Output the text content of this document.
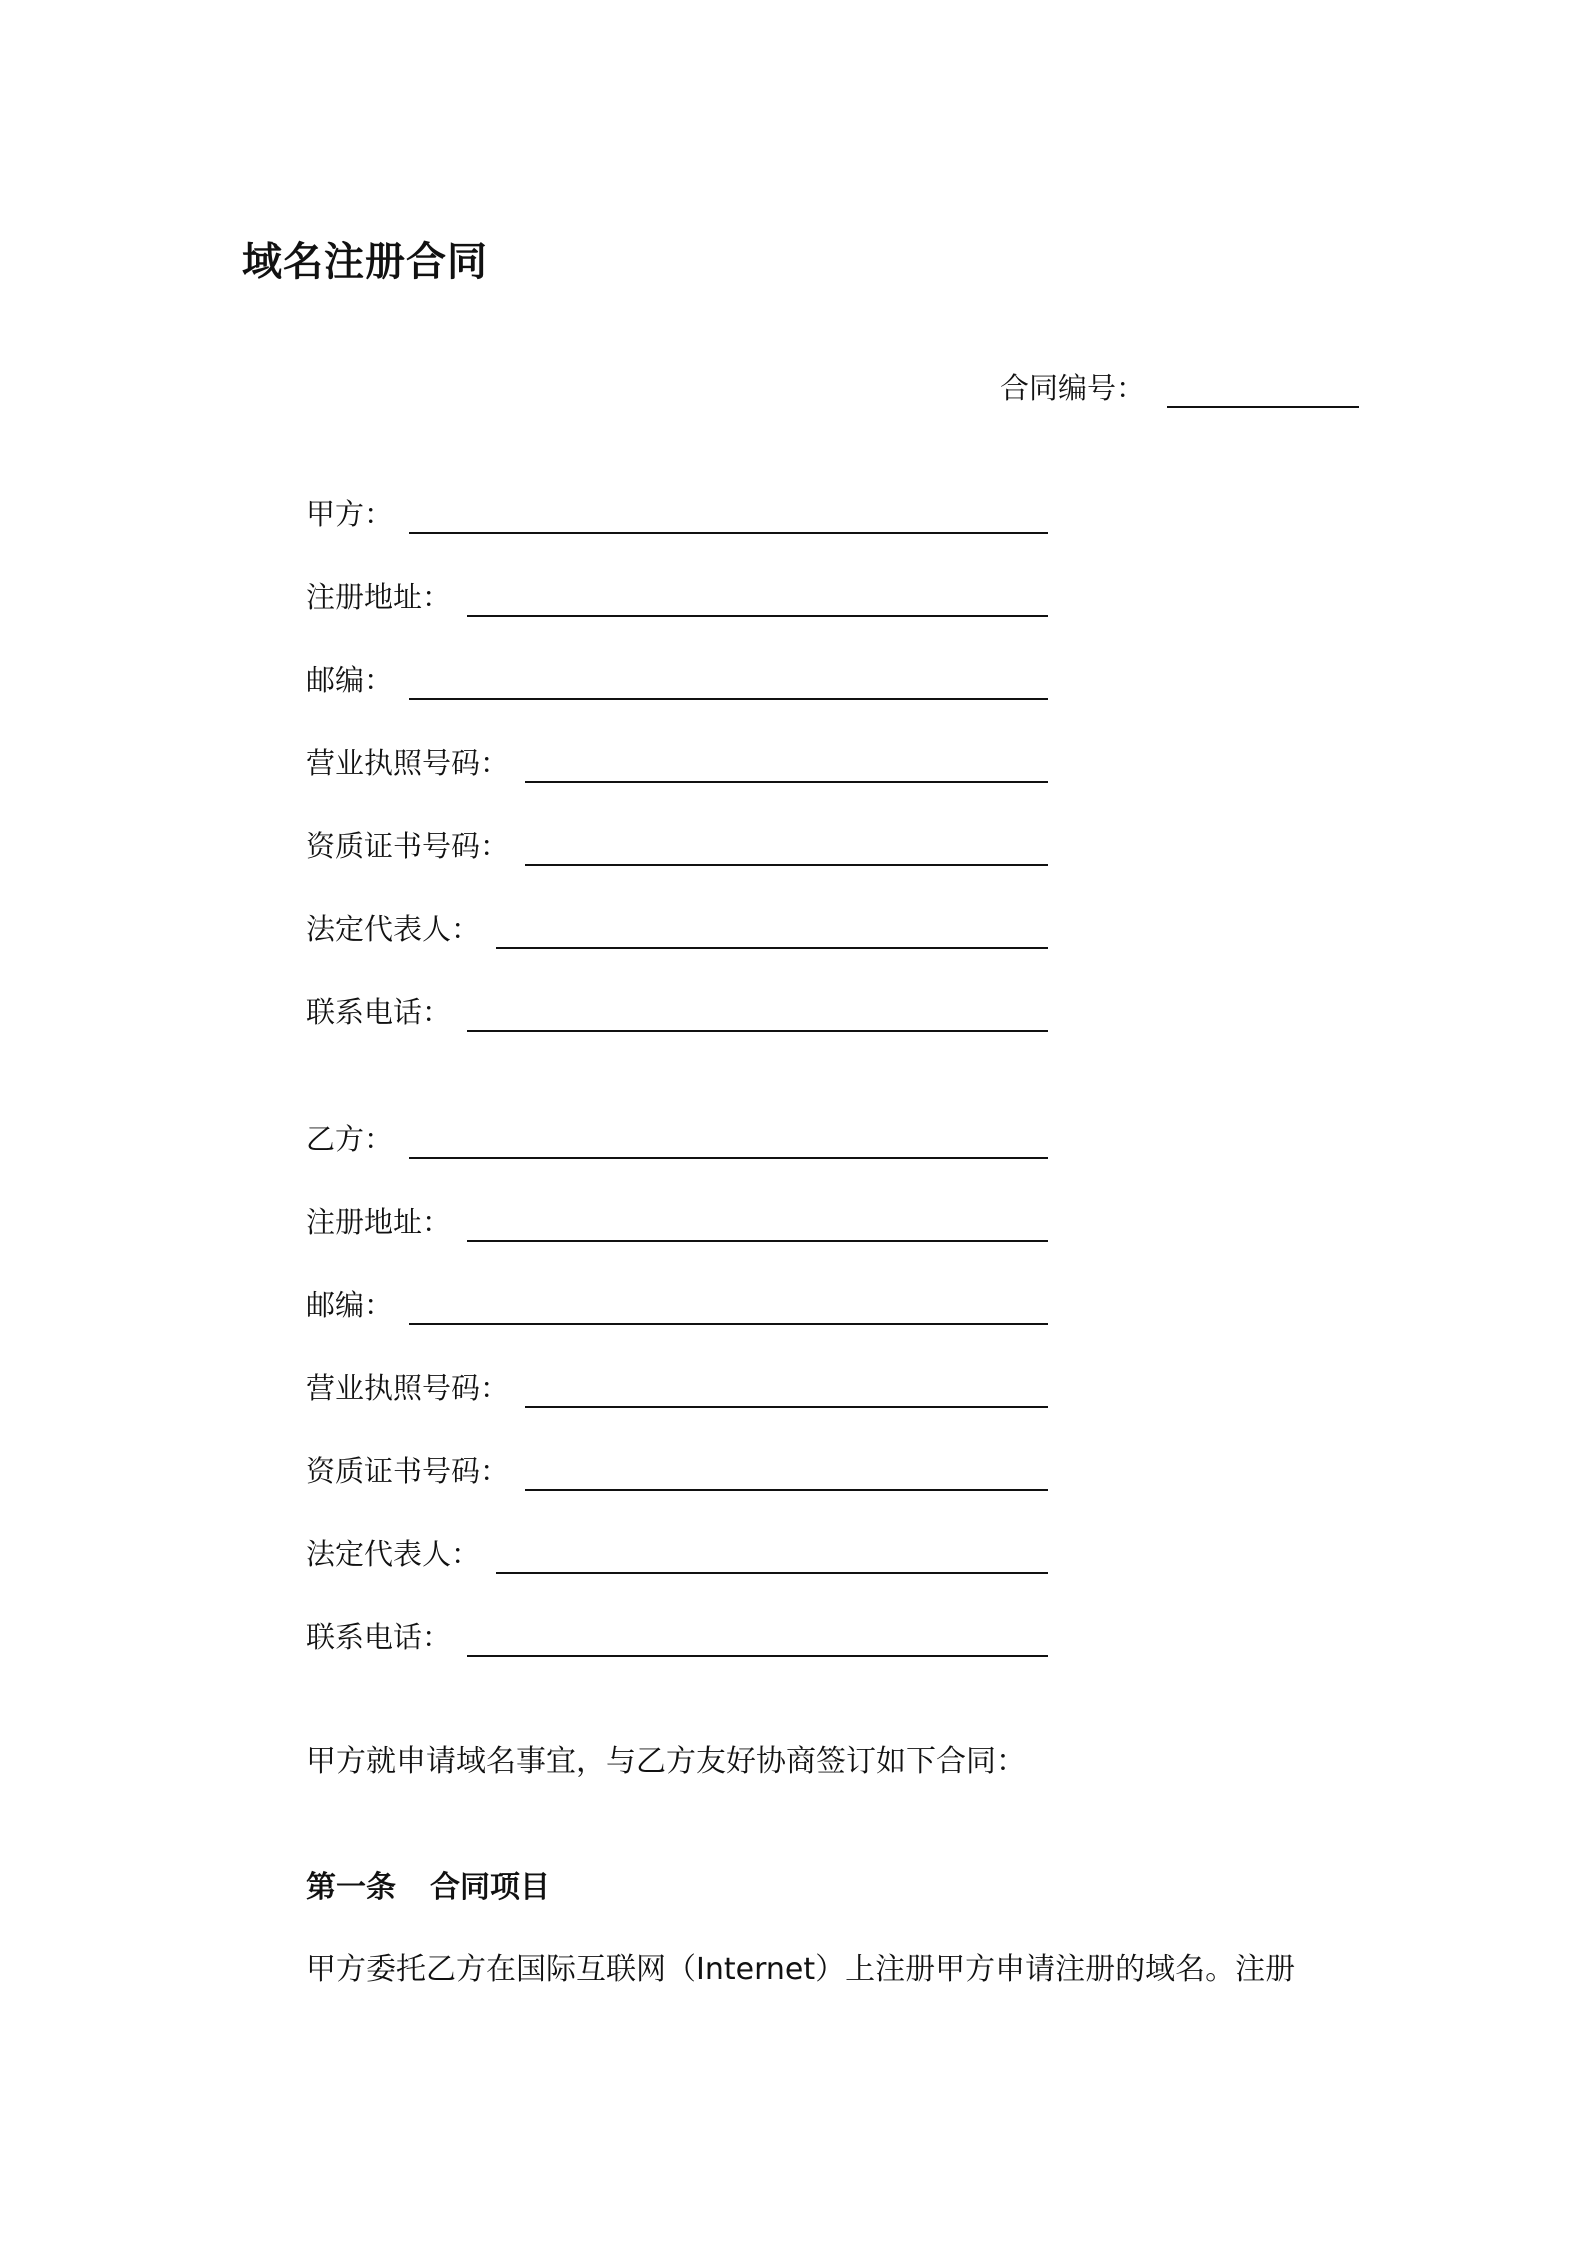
域名注册合同
合同编号：
甲方：
注册地址：
邮编：
营业执照号码：
资质证书号码：
法定代表人：
联系电话：
乙方：
注册地址：
邮编：
营业执照号码：
资质证书号码：
法定代表人：
联系电话：
甲方就申请域名事宜，与乙方友好协商签订如下合同：
第一条 合同项目
甲方委托乙方在国际互联网（Internet）上注册甲方申请注册的域名。注册
